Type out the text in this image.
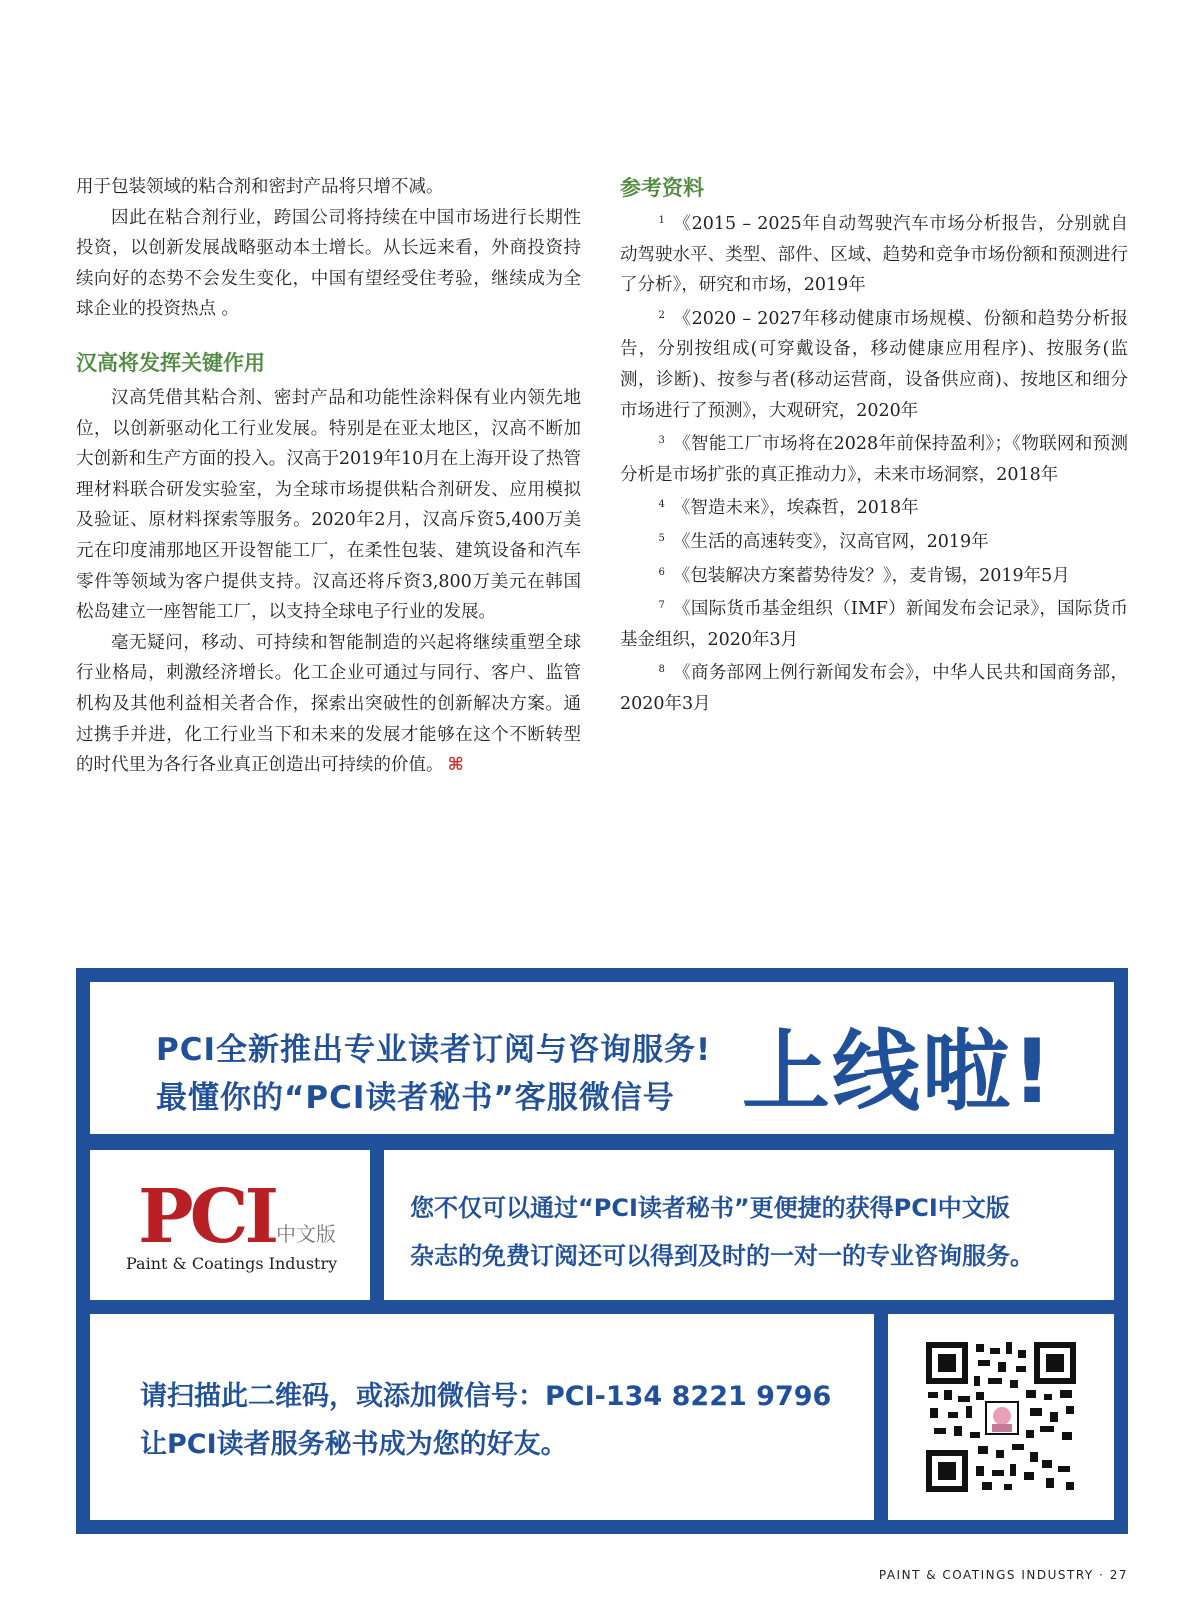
用于包装领域的粘合剂和密封产品将只增不减。

因此在粘合剂行业，跨国公司将持续在中国市场进行长期性投资，以创新发展战略驱动本土增长。从长远来看，外商投资持续向好的态势不会发生变化，中国有望经受住考验，继续成为全球企业的投资热点 。

汉高将发挥关键作用

汉高凭借其粘合剂、密封产品和功能性涂料保有业内领先地位，以创新驱动化工行业发展。特别是在亚太地区，汉高不断加大创新和生产方面的投入。汉高于2019年10月在上海开设了热管理材料联合研发实验室，为全球市场提供粘合剂研发、应用模拟及验证、原材料探索等服务。2020年2月，汉高斥资5,400万美元在印度浦那地区开设智能工厂，在柔性包装、建筑设备和汽车零件等领域为客户提供支持。汉高还将斥资3,800万美元在韩国松岛建立一座智能工厂，以支持全球电子行业的发展。

毫无疑问，移动、可持续和智能制造的兴起将继续重塑全球行业格局，刺激经济增长。化工企业可通过与同行、客户、监管机构及其他利益相关者合作，探索出突破性的创新解决方案。通过携手并进，化工行业当下和未来的发展才能够在这个不断转型的时代里为各行各业真正创造出可持续的价值。 ⌘

参考资料

$^1$ 《2015 – 2025年自动驾驶汽车市场分析报告，分别就自动驾驶水平、类型、部件、区域、趋势和竞争市场份额和预测进行了分析》，研究和市场，2019年

$^2$ 《2020 – 2027年移动健康市场规模、份额和趋势分析报告，分别按组成(可穿戴设备，移动健康应用程序)、按服务(监测，诊断)、按参与者(移动运营商，设备供应商)、按地区和细分市场进行了预测》，大观研究，2020年

$^3$ 《智能工厂市场将在2028年前保持盈利》；《物联网和预测分析是市场扩张的真正推动力》，未来市场洞察，2018年

$^4$ 《智造未来》，埃森哲，2018年

$^5$ 《生活的高速转变》，汉高官网，2019年

$^6$ 《包装解决方案蓄势待发？》，麦肯锡，2019年5月

$^7$ 《国际货币基金组织（IMF）新闻发布会记录》，国际货币基金组织，2020年3月

$^8$ 《商务部网上例行新闻发布会》，中华人民共和国商务部，2020年3月

PCI全新推出专业读者订阅与咨询服务!
最懂你的“PCI读者秘书”客服微信号 上线啦!
PCI 中文版
Paint & Coatings Industry
您不仅可以通过“PCI读者秘书”更便捷的获得PCI中文版
杂志的免费订阅还可以得到及时的一对一的专业咨询服务。
请扫描此二维码，或添加微信号：PCI-134 8221 9796
让PCI读者服务秘书成为您的好友。
PAINT & COATINGS INDUSTRY · 27
